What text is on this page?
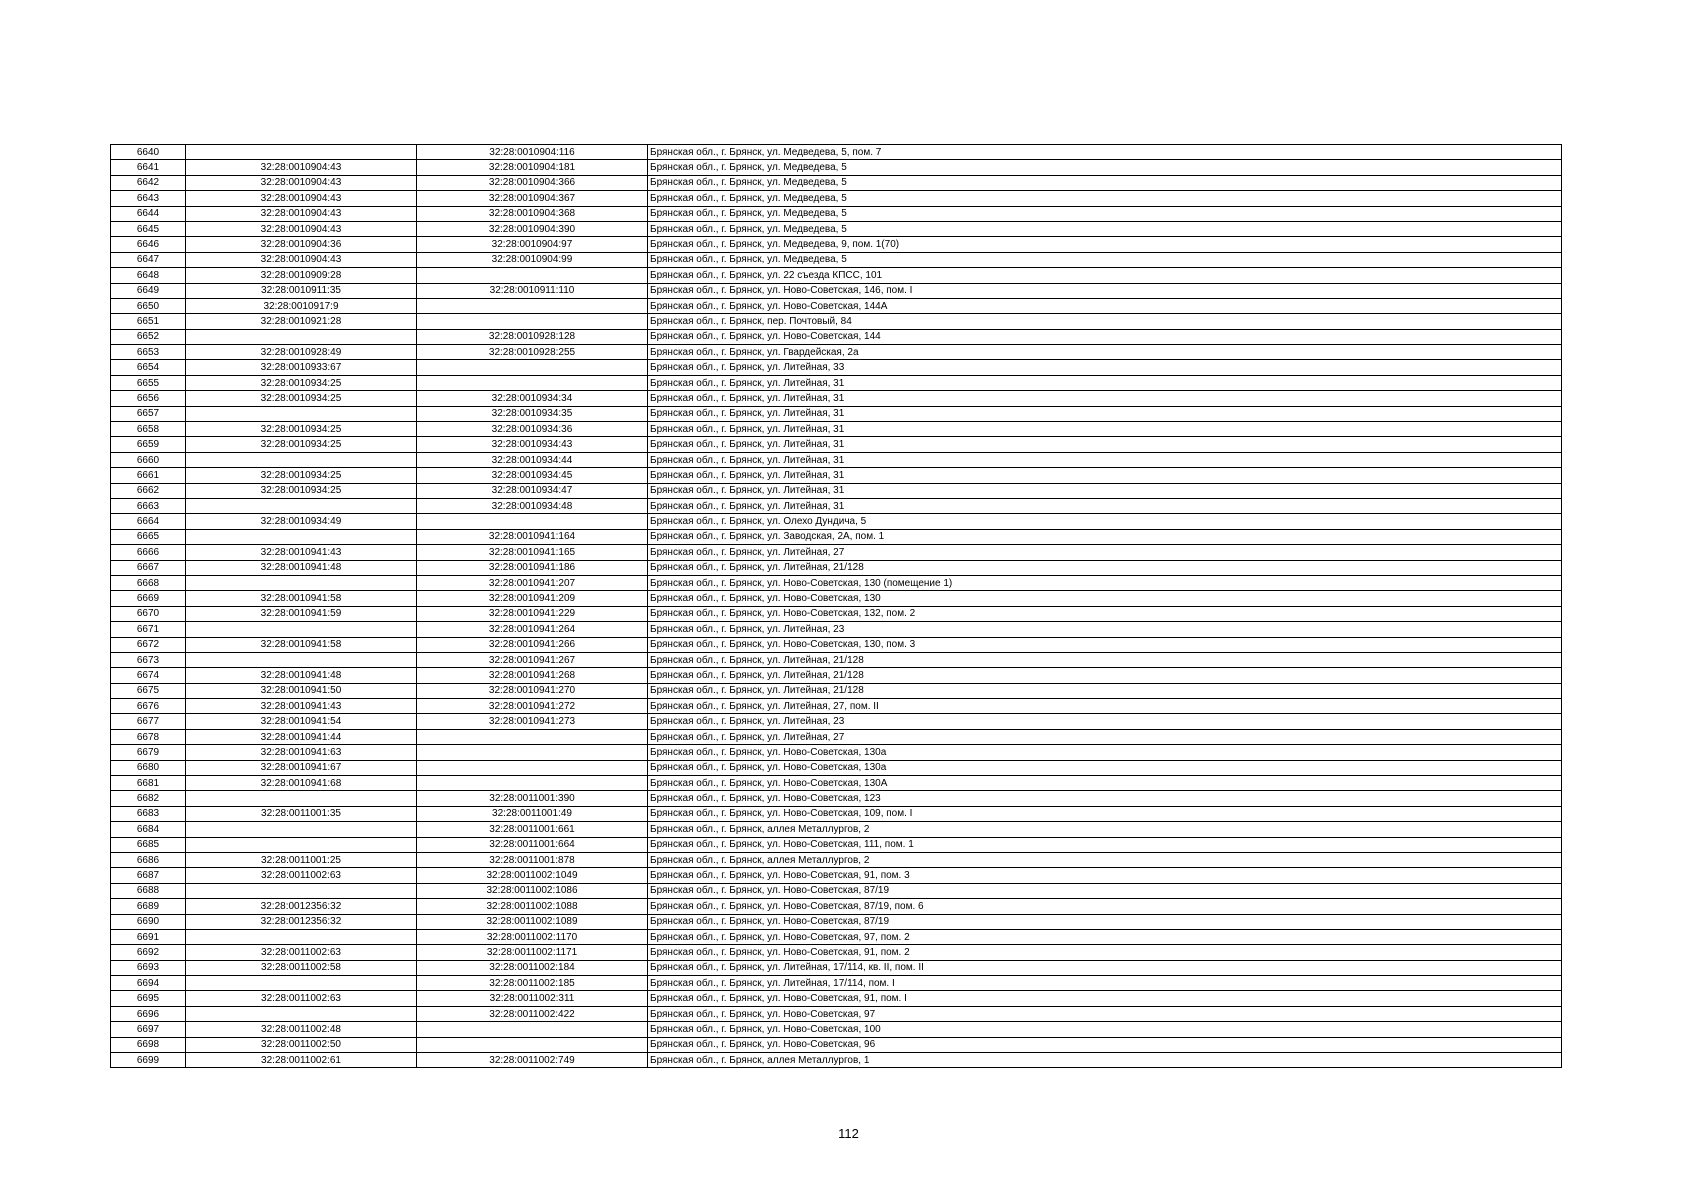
6640		32:28:0010904:116	Брянская обл., г. Брянск, ул. Медведева, 5, пом. 7
6641	32:28:0010904:43	32:28:0010904:181	Брянская обл., г. Брянск, ул. Медведева, 5
6642	32:28:0010904:43	32:28:0010904:366	Брянская обл., г. Брянск, ул. Медведева, 5
6643	32:28:0010904:43	32:28:0010904:367	Брянская обл., г. Брянск, ул. Медведева, 5
6644	32:28:0010904:43	32:28:0010904:368	Брянская обл., г. Брянск, ул. Медведева, 5
6645	32:28:0010904:43	32:28:0010904:390	Брянская обл., г. Брянск, ул. Медведева, 5
6646	32:28:0010904:36	32:28:0010904:97	Брянская обл., г. Брянск, ул. Медведева, 9, пом. 1(70)
6647	32:28:0010904:43	32:28:0010904:99	Брянская обл., г. Брянск, ул. Медведева, 5
6648	32:28:0010909:28		Брянская обл., г. Брянск, ул. 22 съезда КПСС, 101
6649	32:28:0010911:35	32:28:0010911:110	Брянская обл., г. Брянск, ул. Ново-Советская, 146, пом. I
6650	32:28:0010917:9		Брянская обл., г. Брянск, ул. Ново-Советская, 144А
6651	32:28:0010921:28		Брянская обл., г. Брянск, пер. Почтовый, 84
6652		32:28:0010928:128	Брянская обл., г. Брянск, ул. Ново-Советская, 144
6653	32:28:0010928:49	32:28:0010928:255	Брянская обл., г. Брянск, ул. Гвардейская, 2а
6654	32:28:0010933:67		Брянская обл., г. Брянск, ул. Литейная, 33
6655	32:28:0010934:25		Брянская обл., г. Брянск, ул. Литейная, 31
6656	32:28:0010934:25	32:28:0010934:34	Брянская обл., г. Брянск, ул. Литейная, 31
6657		32:28:0010934:35	Брянская обл., г. Брянск, ул. Литейная, 31
6658	32:28:0010934:25	32:28:0010934:36	Брянская обл., г. Брянск, ул. Литейная, 31
6659	32:28:0010934:25	32:28:0010934:43	Брянская обл., г. Брянск, ул. Литейная, 31
6660		32:28:0010934:44	Брянская обл., г. Брянск, ул. Литейная, 31
6661	32:28:0010934:25	32:28:0010934:45	Брянская обл., г. Брянск, ул. Литейная, 31
6662	32:28:0010934:25	32:28:0010934:47	Брянская обл., г. Брянск, ул. Литейная, 31
6663		32:28:0010934:48	Брянская обл., г. Брянск, ул. Литейная, 31
6664	32:28:0010934:49		Брянская обл., г. Брянск, ул. Олехо Дундича, 5
6665		32:28:0010941:164	Брянская обл., г. Брянск, ул. Заводская, 2А, пом. 1
6666	32:28:0010941:43	32:28:0010941:165	Брянская обл., г. Брянск, ул. Литейная, 27
6667	32:28:0010941:48	32:28:0010941:186	Брянская обл., г. Брянск, ул. Литейная, 21/128
6668		32:28:0010941:207	Брянская обл., г. Брянск, ул. Ново-Советская, 130 (помещение 1)
6669	32:28:0010941:58	32:28:0010941:209	Брянская обл., г. Брянск, ул. Ново-Советская, 130
6670	32:28:0010941:59	32:28:0010941:229	Брянская обл., г. Брянск, ул. Ново-Советская, 132, пом. 2
6671		32:28:0010941:264	Брянская обл., г. Брянск, ул. Литейная, 23
6672	32:28:0010941:58	32:28:0010941:266	Брянская обл., г. Брянск, ул. Ново-Советская, 130, пом. 3
6673		32:28:0010941:267	Брянская обл., г. Брянск, ул. Литейная, 21/128
6674	32:28:0010941:48	32:28:0010941:268	Брянская обл., г. Брянск, ул. Литейная, 21/128
6675	32:28:0010941:50	32:28:0010941:270	Брянская обл., г. Брянск, ул. Литейная, 21/128
6676	32:28:0010941:43	32:28:0010941:272	Брянская обл., г. Брянск, ул. Литейная, 27, пом. II
6677	32:28:0010941:54	32:28:0010941:273	Брянская обл., г. Брянск, ул. Литейная, 23
6678	32:28:0010941:44		Брянская обл., г. Брянск, ул. Литейная, 27
6679	32:28:0010941:63		Брянская обл., г. Брянск, ул. Ново-Советская, 130а
6680	32:28:0010941:67		Брянская обл., г. Брянск, ул. Ново-Советская, 130а
6681	32:28:0010941:68		Брянская обл., г. Брянск, ул. Ново-Советская, 130А
6682		32:28:0011001:390	Брянская обл., г. Брянск, ул. Ново-Советская, 123
6683	32:28:0011001:35	32:28:0011001:49	Брянская обл., г. Брянск, ул. Ново-Советская, 109, пом. I
6684		32:28:0011001:661	Брянская обл., г. Брянск, аллея Металлургов, 2
6685		32:28:0011001:664	Брянская обл., г. Брянск, ул. Ново-Советская, 111, пом. 1
6686	32:28:0011001:25	32:28:0011001:878	Брянская обл., г. Брянск, аллея Металлургов, 2
6687	32:28:0011002:63	32:28:0011002:1049	Брянская обл., г. Брянск, ул. Ново-Советская, 91, пом. 3
6688		32:28:0011002:1086	Брянская обл., г. Брянск, ул. Ново-Советская, 87/19
6689	32:28:0012356:32	32:28:0011002:1088	Брянская обл., г. Брянск, ул. Ново-Советская, 87/19, пом. 6
6690	32:28:0012356:32	32:28:0011002:1089	Брянская обл., г. Брянск, ул. Ново-Советская, 87/19
6691		32:28:0011002:1170	Брянская обл., г. Брянск, ул. Ново-Советская, 97, пом. 2
6692	32:28:0011002:63	32:28:0011002:1171	Брянская обл., г. Брянск, ул. Ново-Советская, 91, пом. 2
6693	32:28:0011002:58	32:28:0011002:184	Брянская обл., г. Брянск, ул. Литейная, 17/114, кв. II, пом. II
6694		32:28:0011002:185	Брянская обл., г. Брянск, ул. Литейная, 17/114, пом. I
6695	32:28:0011002:63	32:28:0011002:311	Брянская обл., г. Брянск, ул. Ново-Советская, 91, пом. I
6696		32:28:0011002:422	Брянская обл., г. Брянск, ул. Ново-Советская, 97
6697	32:28:0011002:48		Брянская обл., г. Брянск, ул. Ново-Советская, 100
6698	32:28:0011002:50		Брянская обл., г. Брянск, ул. Ново-Советская, 96
6699	32:28:0011002:61	32:28:0011002:749	Брянская обл., г. Брянск, аллея Металлургов, 1
112
